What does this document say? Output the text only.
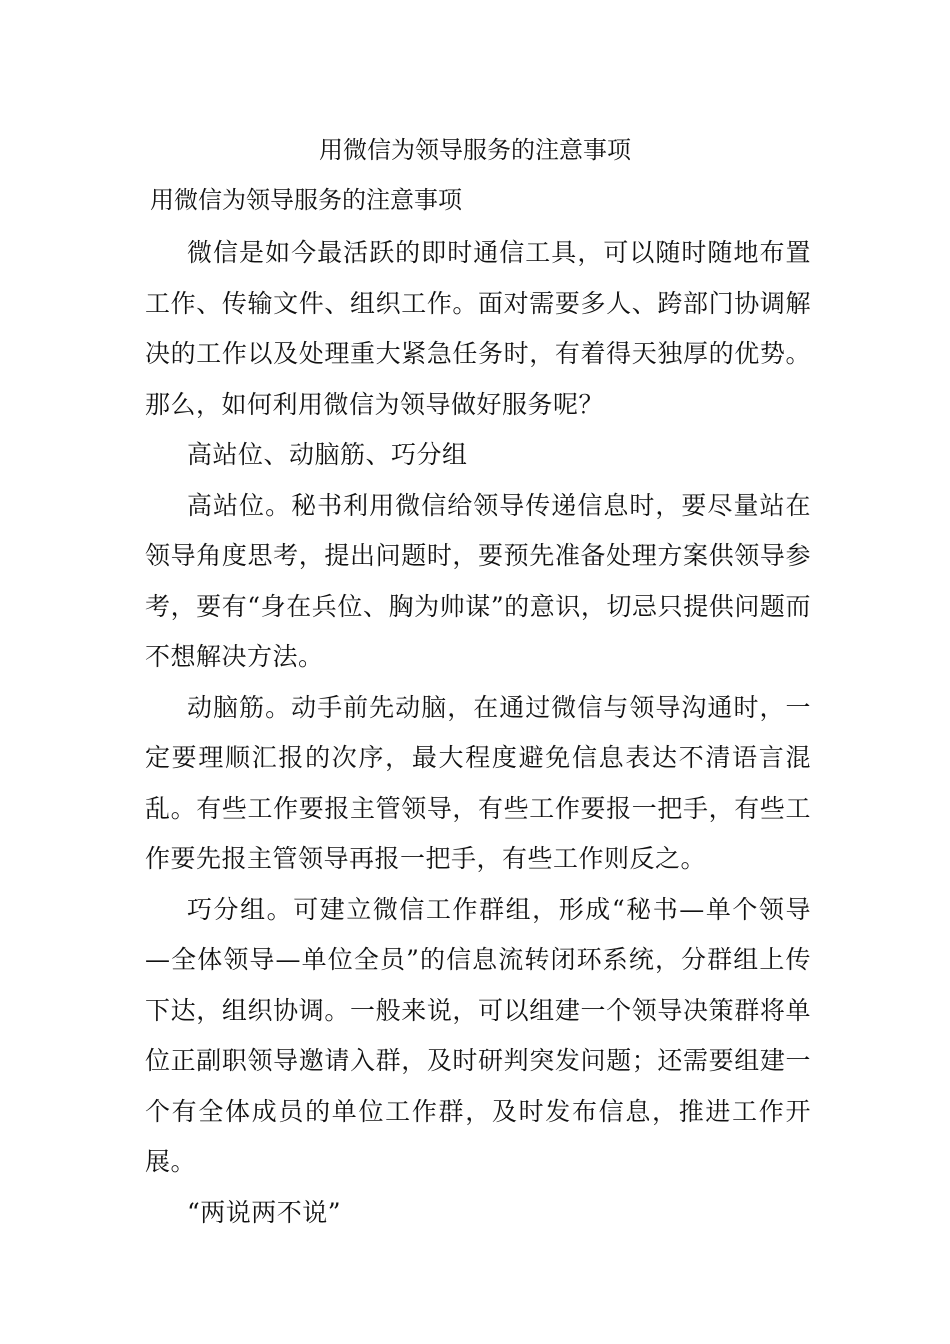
用微信为领导服务的注意事项
用微信为领导服务的注意事项

微信是如今最活跃的即时通信工具，可以随时随地布置工作、传输文件、组织工作。面对需要多人、跨部门协调解决的工作以及处理重大紧急任务时，有着得天独厚的优势。那么，如何利用微信为领导做好服务呢？

高站位、动脑筋、巧分组

高站位。秘书利用微信给领导传递信息时，要尽量站在领导角度思考，提出问题时，要预先准备处理方案供领导参考，要有“身在兵位、胸为帅谋”的意识，切忌只提供问题而不想解决方法。

动脑筋。动手前先动脑，在通过微信与领导沟通时，一定要理顺汇报的次序，最大程度避免信息表达不清语言混乱。有些工作要报主管领导，有些工作要报一把手，有些工作要先报主管领导再报一把手，有些工作则反之。

巧分组。可建立微信工作群组，形成“秘书—单个领导—全体领导—单位全员”的信息流转闭环系统，分群组上传下达，组织协调。一般来说，可以组建一个领导决策群将单位正副职领导邀请入群，及时研判突发问题；还需要组建一个有全体成员的单位工作群，及时发布信息，推进工作开展。

“两说两不说”
